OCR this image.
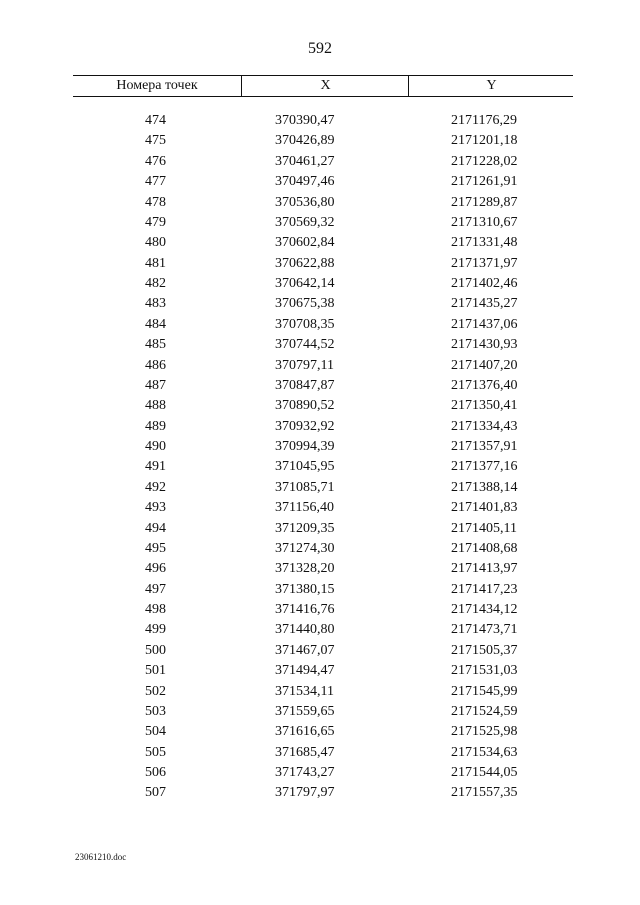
592
Номера точек	X	Y
474	370390,47	2171176,29
475	370426,89	2171201,18
476	370461,27	2171228,02
477	370497,46	2171261,91
478	370536,80	2171289,87
479	370569,32	2171310,67
480	370602,84	2171331,48
481	370622,88	2171371,97
482	370642,14	2171402,46
483	370675,38	2171435,27
484	370708,35	2171437,06
485	370744,52	2171430,93
486	370797,11	2171407,20
487	370847,87	2171376,40
488	370890,52	2171350,41
489	370932,92	2171334,43
490	370994,39	2171357,91
491	371045,95	2171377,16
492	371085,71	2171388,14
493	371156,40	2171401,83
494	371209,35	2171405,11
495	371274,30	2171408,68
496	371328,20	2171413,97
497	371380,15	2171417,23
498	371416,76	2171434,12
499	371440,80	2171473,71
500	371467,07	2171505,37
501	371494,47	2171531,03
502	371534,11	2171545,99
503	371559,65	2171524,59
504	371616,65	2171525,98
505	371685,47	2171534,63
506	371743,27	2171544,05
507	371797,97	2171557,35
23061210.doc
